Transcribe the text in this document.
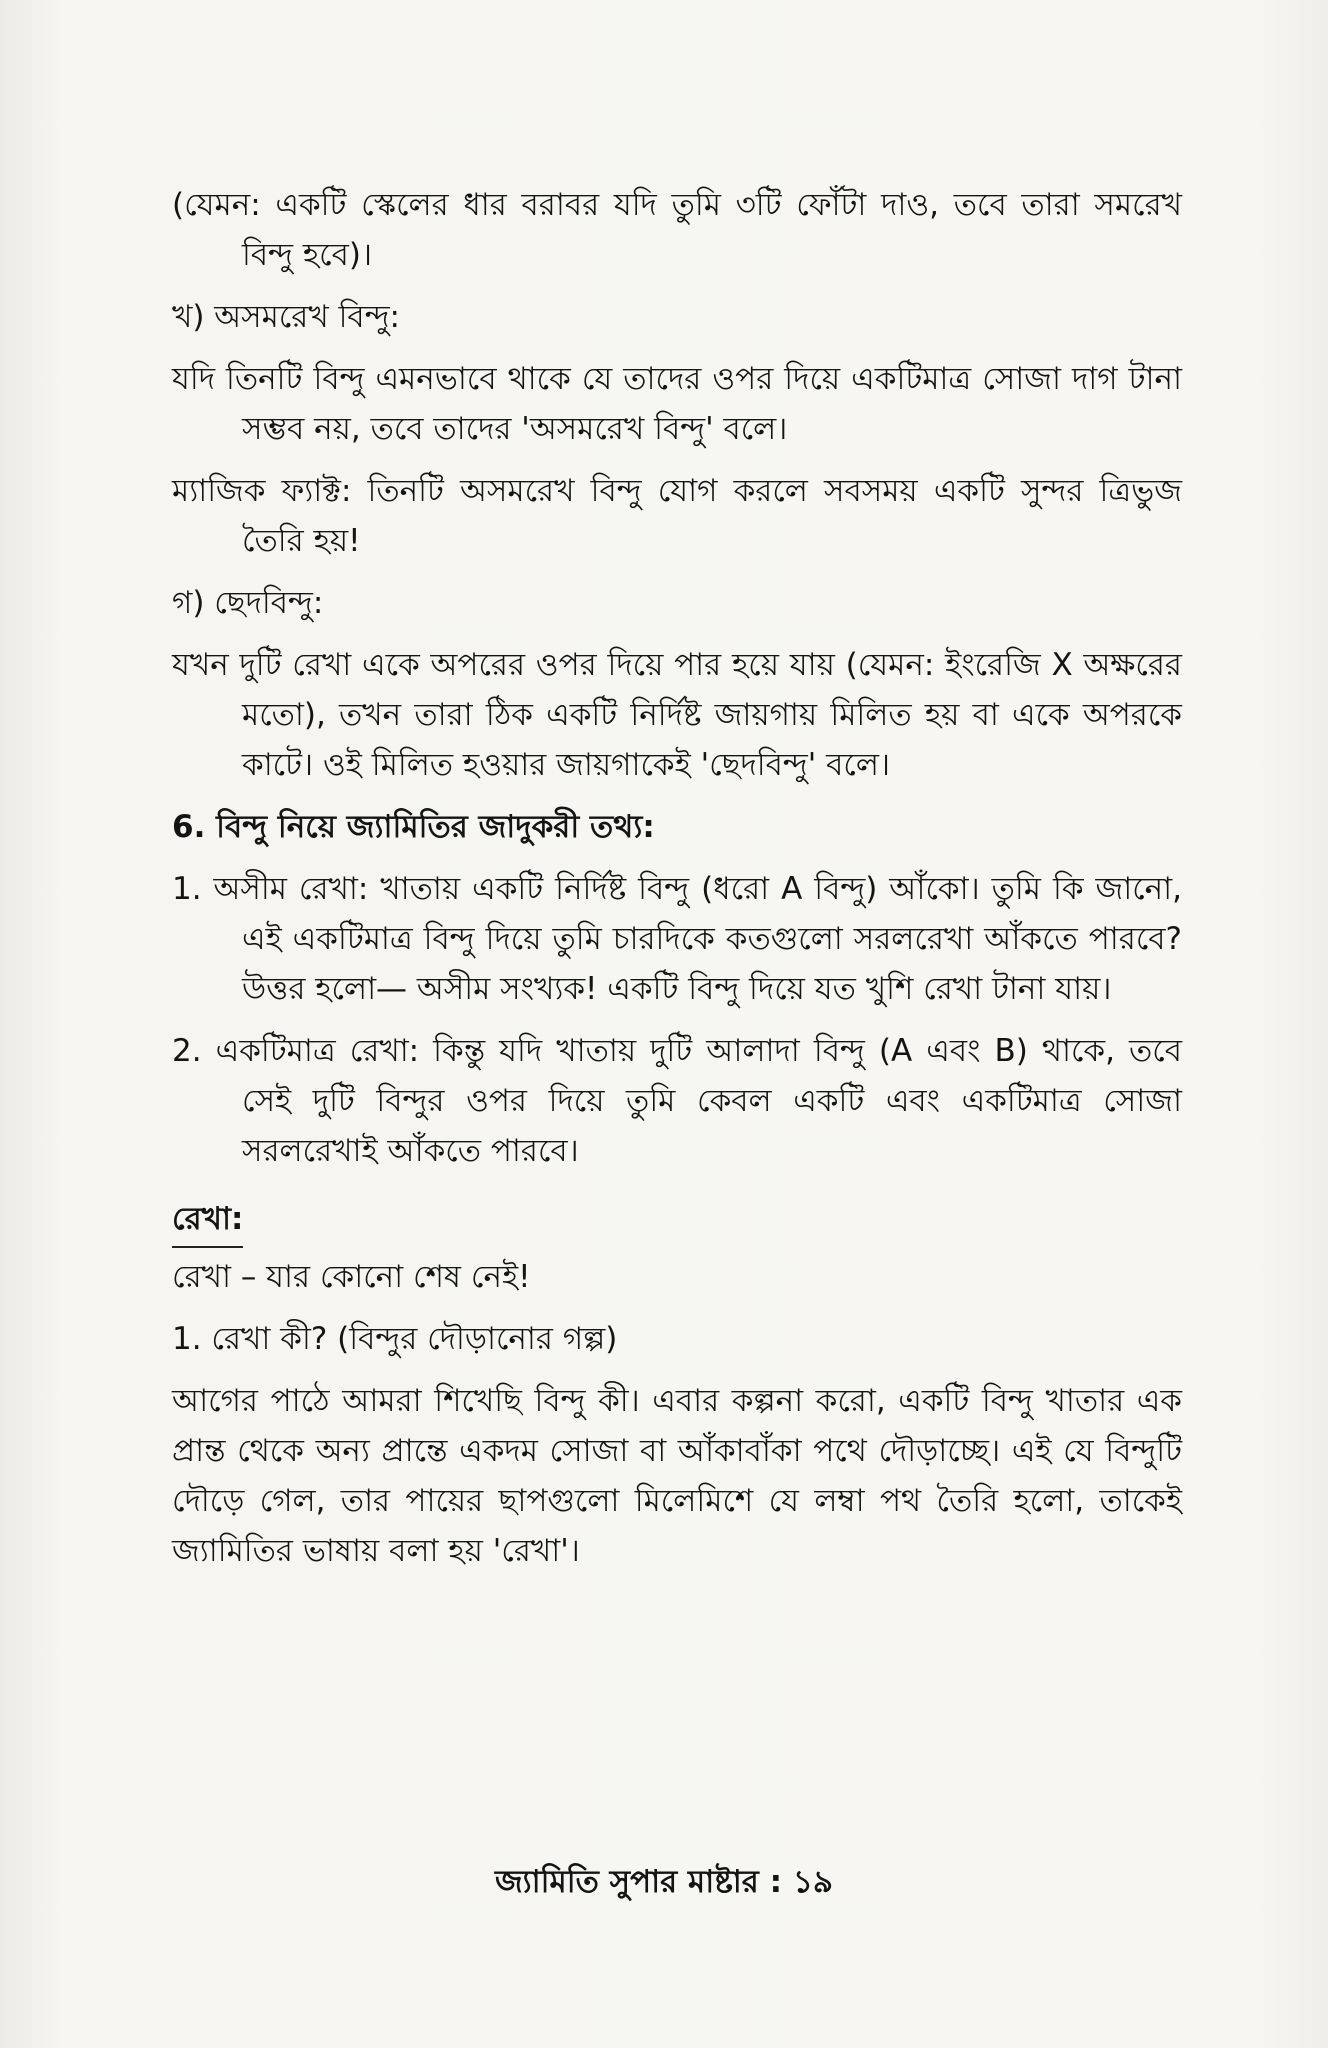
(যেমন: একটি স্কেলের ধার বরাবর যদি তুমি ৩টি ফোঁটা দাও, তবে তারা সমরেখ বিন্দু হবে)।

খ) অসমরেখ বিন্দু:

যদি তিনটি বিন্দু এমনভাবে থাকে যে তাদের ওপর দিয়ে একটিমাত্র সোজা দাগ টানা সম্ভব নয়, তবে তাদের 'অসমরেখ বিন্দু' বলে।

ম্যাজিক ফ্যাক্ট: তিনটি অসমরেখ বিন্দু যোগ করলে সবসময় একটি সুন্দর ত্রিভুজ তৈরি হয়!

গ) ছেদবিন্দু:

যখন দুটি রেখা একে অপরের ওপর দিয়ে পার হয়ে যায় (যেমন: ইংরেজি X অক্ষরের মতো), তখন তারা ঠিক একটি নির্দিষ্ট জায়গায় মিলিত হয় বা একে অপরকে কাটে। ওই মিলিত হওয়ার জায়গাকেই 'ছেদবিন্দু' বলে।

6. বিন্দু নিয়ে জ্যামিতির জাদুকরী তথ্য:

1. অসীম রেখা: খাতায় একটি নির্দিষ্ট বিন্দু (ধরো A বিন্দু) আঁকো। তুমি কি জানো, এই একটিমাত্র বিন্দু দিয়ে তুমি চারদিকে কতগুলো সরলরেখা আঁকতে পারবে? উত্তর হলো— অসীম সংখ্যক! একটি বিন্দু দিয়ে যত খুশি রেখা টানা যায়।

2. একটিমাত্র রেখা: কিন্তু যদি খাতায় দুটি আলাদা বিন্দু (A এবং B) থাকে, তবে সেই দুটি বিন্দুর ওপর দিয়ে তুমি কেবল একটি এবং একটিমাত্র সোজা সরলরেখাই আঁকতে পারবে।

রেখা:

রেখা – যার কোনো শেষ নেই!

1. রেখা কী? (বিন্দুর দৌড়ানোর গল্প)

আগের পাঠে আমরা শিখেছি বিন্দু কী। এবার কল্পনা করো, একটি বিন্দু খাতার এক প্রান্ত থেকে অন্য প্রান্তে একদম সোজা বা আঁকাবাঁকা পথে দৌড়াচ্ছে। এই যে বিন্দুটি দৌড়ে গেল, তার পায়ের ছাপগুলো মিলেমিশে যে লম্বা পথ তৈরি হলো, তাকেই জ্যামিতির ভাষায় বলা হয় 'রেখা'।

জ্যামিতি সুপার মাষ্টার : ১৯
